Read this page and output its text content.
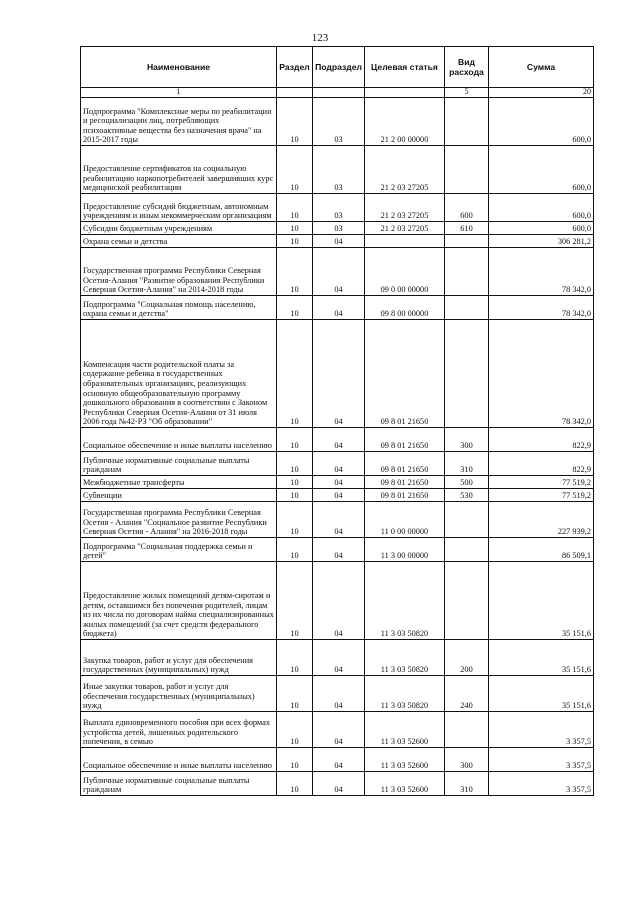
123
Наименование	Раздел	Подраздел	Целевая статья	Вид расхода	Сумма
1				5	20
Подпрограмма "Комплексные меры по реабилитации и ресоциализации лиц, потребляющих психоактивные вещества без назначения врача" на 2015-2017 годы	10	03	21 2 00 00000		600,0
Предоставление сертификатов на социальную реабилитацию наркопотребителей завершивших курс медицинской реабилитации	10	03	21 2 03 27205		600,0
Предоставление субсидий бюджетным, автономным учреждениям и иным некоммерческим организациям	10	03	21 2 03 27205	600	600,0
Субсидии бюджетным учреждениям	10	03	21 2 03 27205	610	600,0
Охрана семьи и детства	10	04			306 281,2
Государственная программа Республики Северная Осетия-Алания "Развитие образования Республики Северная Осетия-Алания" на 2014-2018 годы	10	04	09 0 00 00000		78 342,0
Подпрограмма "Социальная помощь населению, охрана семьи и детства"	10	04	09 8 00 00000		78 342,0
Компенсация части родительской платы за содержание ребенка в государственных образовательных организациях, реализующих основную общеобразовательную программу дошкольного образования в соответствии с Законом Республики Северная Осетия-Алания от 31 июля 2006 года №42-РЗ "Об образовании"	10	04	09 8 01 21650		78 342,0
Социальное обеспечение и иные выплаты населению	10	04	09 8 01 21650	300	822,9
Публичные нормативные социальные выплаты гражданам	10	04	09 8 01 21650	310	822,9
Межбюджетные трансферты	10	04	09 8 01 21650	500	77 519,2
Субвенции	10	04	09 8 01 21650	530	77 519,2
Государственная программа Республики Северная Осетия - Алания "Социальное развитие Республики Северная Осетия - Алания" на 2016-2018 годы	10	04	11 0 00 00000		227 939,2
Подпрограмма "Социальная поддержка семьи и детей"	10	04	11 3 00 00000		86 509,1
Предоставление жилых помещений детям-сиротам и детям, оставшимся без попечения родителей, лицам из их числа по договорам найма специализированных жилых помещений (за счет средств федерального бюджета)	10	04	11 3 03 50820		35 151,6
Закупка товаров, работ и услуг для обеспечения государственных (муниципальных) нужд	10	04	11 3 03 50820	200	35 151,6
Иные закупки товаров, работ и услуг для обеспечения государственных (муниципальных) нужд	10	04	11 3 03 50820	240	35 151,6
Выплата единовременного пособия при всех формах устройства детей, лишенных родительского попечения, в семью	10	04	11 3 03 52600		3 357,5
Социальное обеспечение и иные выплаты населению	10	04	11 3 03 52600	300	3 357,5
Публичные нормативные социальные выплаты гражданам	10	04	11 3 03 52600	310	3 357,5
